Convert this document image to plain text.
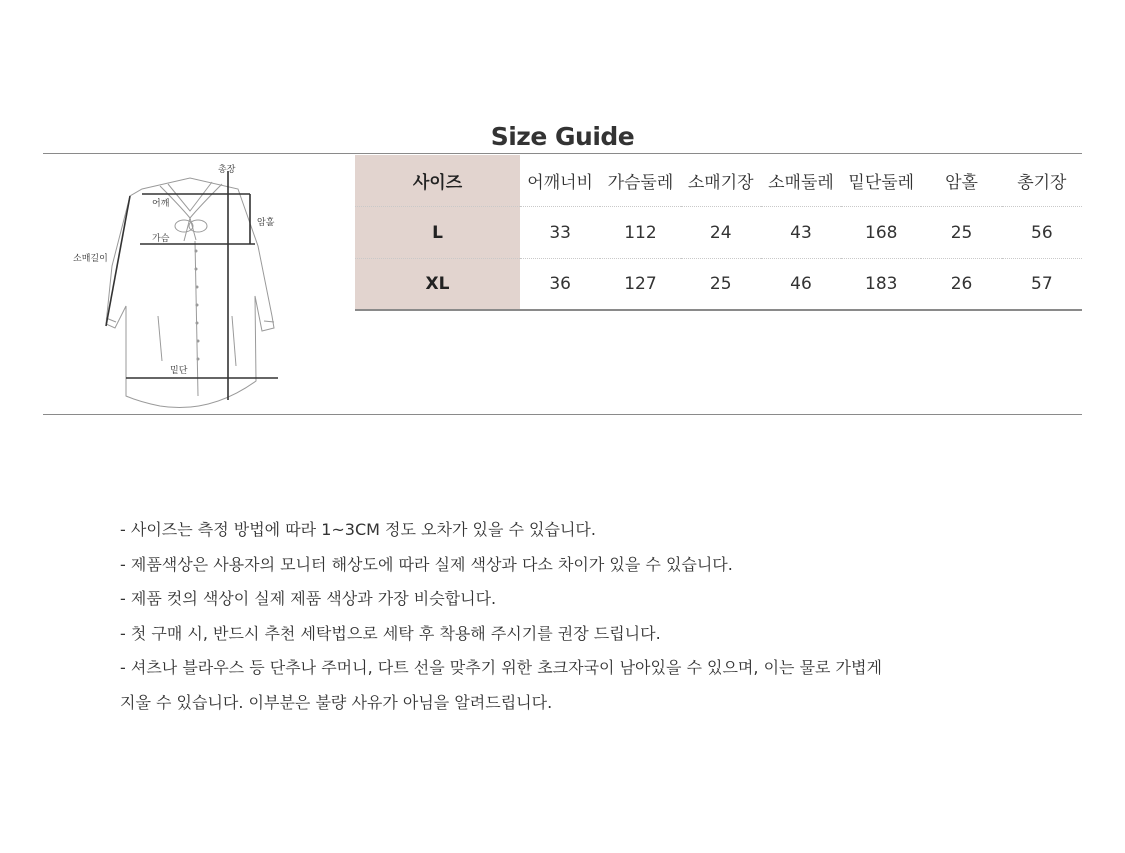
Size Guide
총장
어깨
가슴
암홀
소매길이
밑단
사이즈	어깨너비	가슴둘레	소매기장	소매둘레	밑단둘레	암홀	총기장
L	33	112	24	43	168	25	56
XL	36	127	25	46	183	26	57
- 사이즈는 측정 방법에 따라 1~3CM 정도 오차가 있을 수 있습니다.
- 제품색상은 사용자의 모니터 해상도에 따라 실제 색상과 다소 차이가 있을 수 있습니다.
- 제품 컷의 색상이 실제 제품 색상과 가장 비슷합니다.
- 첫 구매 시, 반드시 추천 세탁법으로 세탁 후 착용해 주시기를 권장 드립니다.
- 셔츠나 블라우스 등 단추나 주머니, 다트 선을 맞추기 위한 초크자국이 남아있을 수 있으며, 이는 물로 가볍게
지울 수 있습니다. 이부분은 불량 사유가 아님을 알려드립니다.
